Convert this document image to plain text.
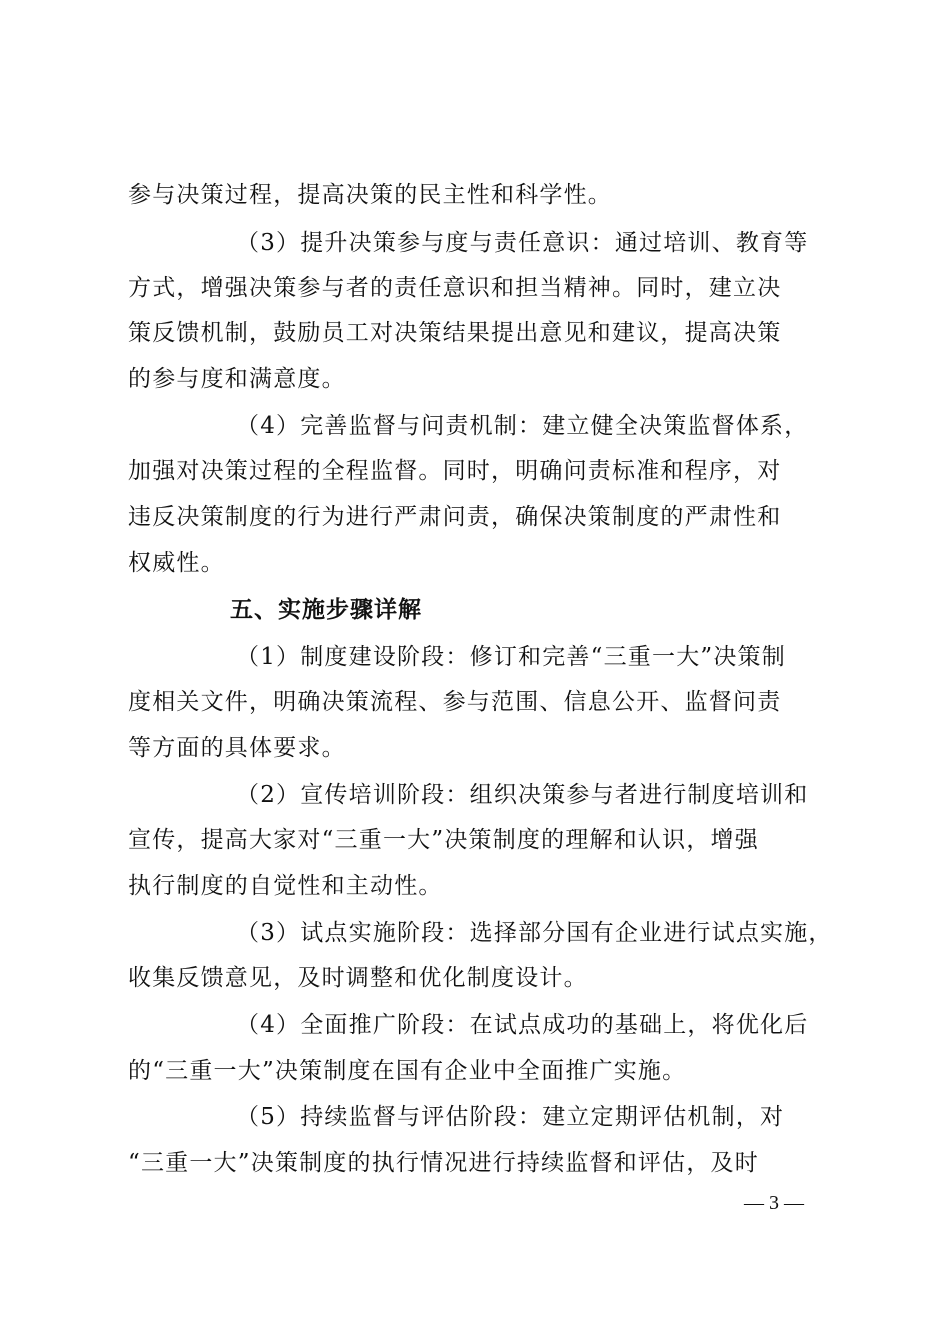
参与决策过程，提高决策的民主性和科学性。
（3）提升决策参与度与责任意识：通过培训、教育等
方式，增强决策参与者的责任意识和担当精神。同时，建立决
策反馈机制，鼓励员工对决策结果提出意见和建议，提高决策
的参与度和满意度。
（4）完善监督与问责机制：建立健全决策监督体系，
加强对决策过程的全程监督。同时，明确问责标准和程序，对
违反决策制度的行为进行严肃问责，确保决策制度的严肃性和
权威性。
五、实施步骤详解
（1）制度建设阶段：修订和完善“三重一大”决策制
度相关文件，明确决策流程、参与范围、信息公开、监督问责
等方面的具体要求。
（2）宣传培训阶段：组织决策参与者进行制度培训和
宣传，提高大家对“三重一大”决策制度的理解和认识，增强
执行制度的自觉性和主动性。
（3）试点实施阶段：选择部分国有企业进行试点实施，
收集反馈意见，及时调整和优化制度设计。
（4）全面推广阶段：在试点成功的基础上，将优化后
的“三重一大”决策制度在国有企业中全面推广实施。
（5）持续监督与评估阶段：建立定期评估机制，对
“三重一大”决策制度的执行情况进行持续监督和评估，及时
— 3 —
